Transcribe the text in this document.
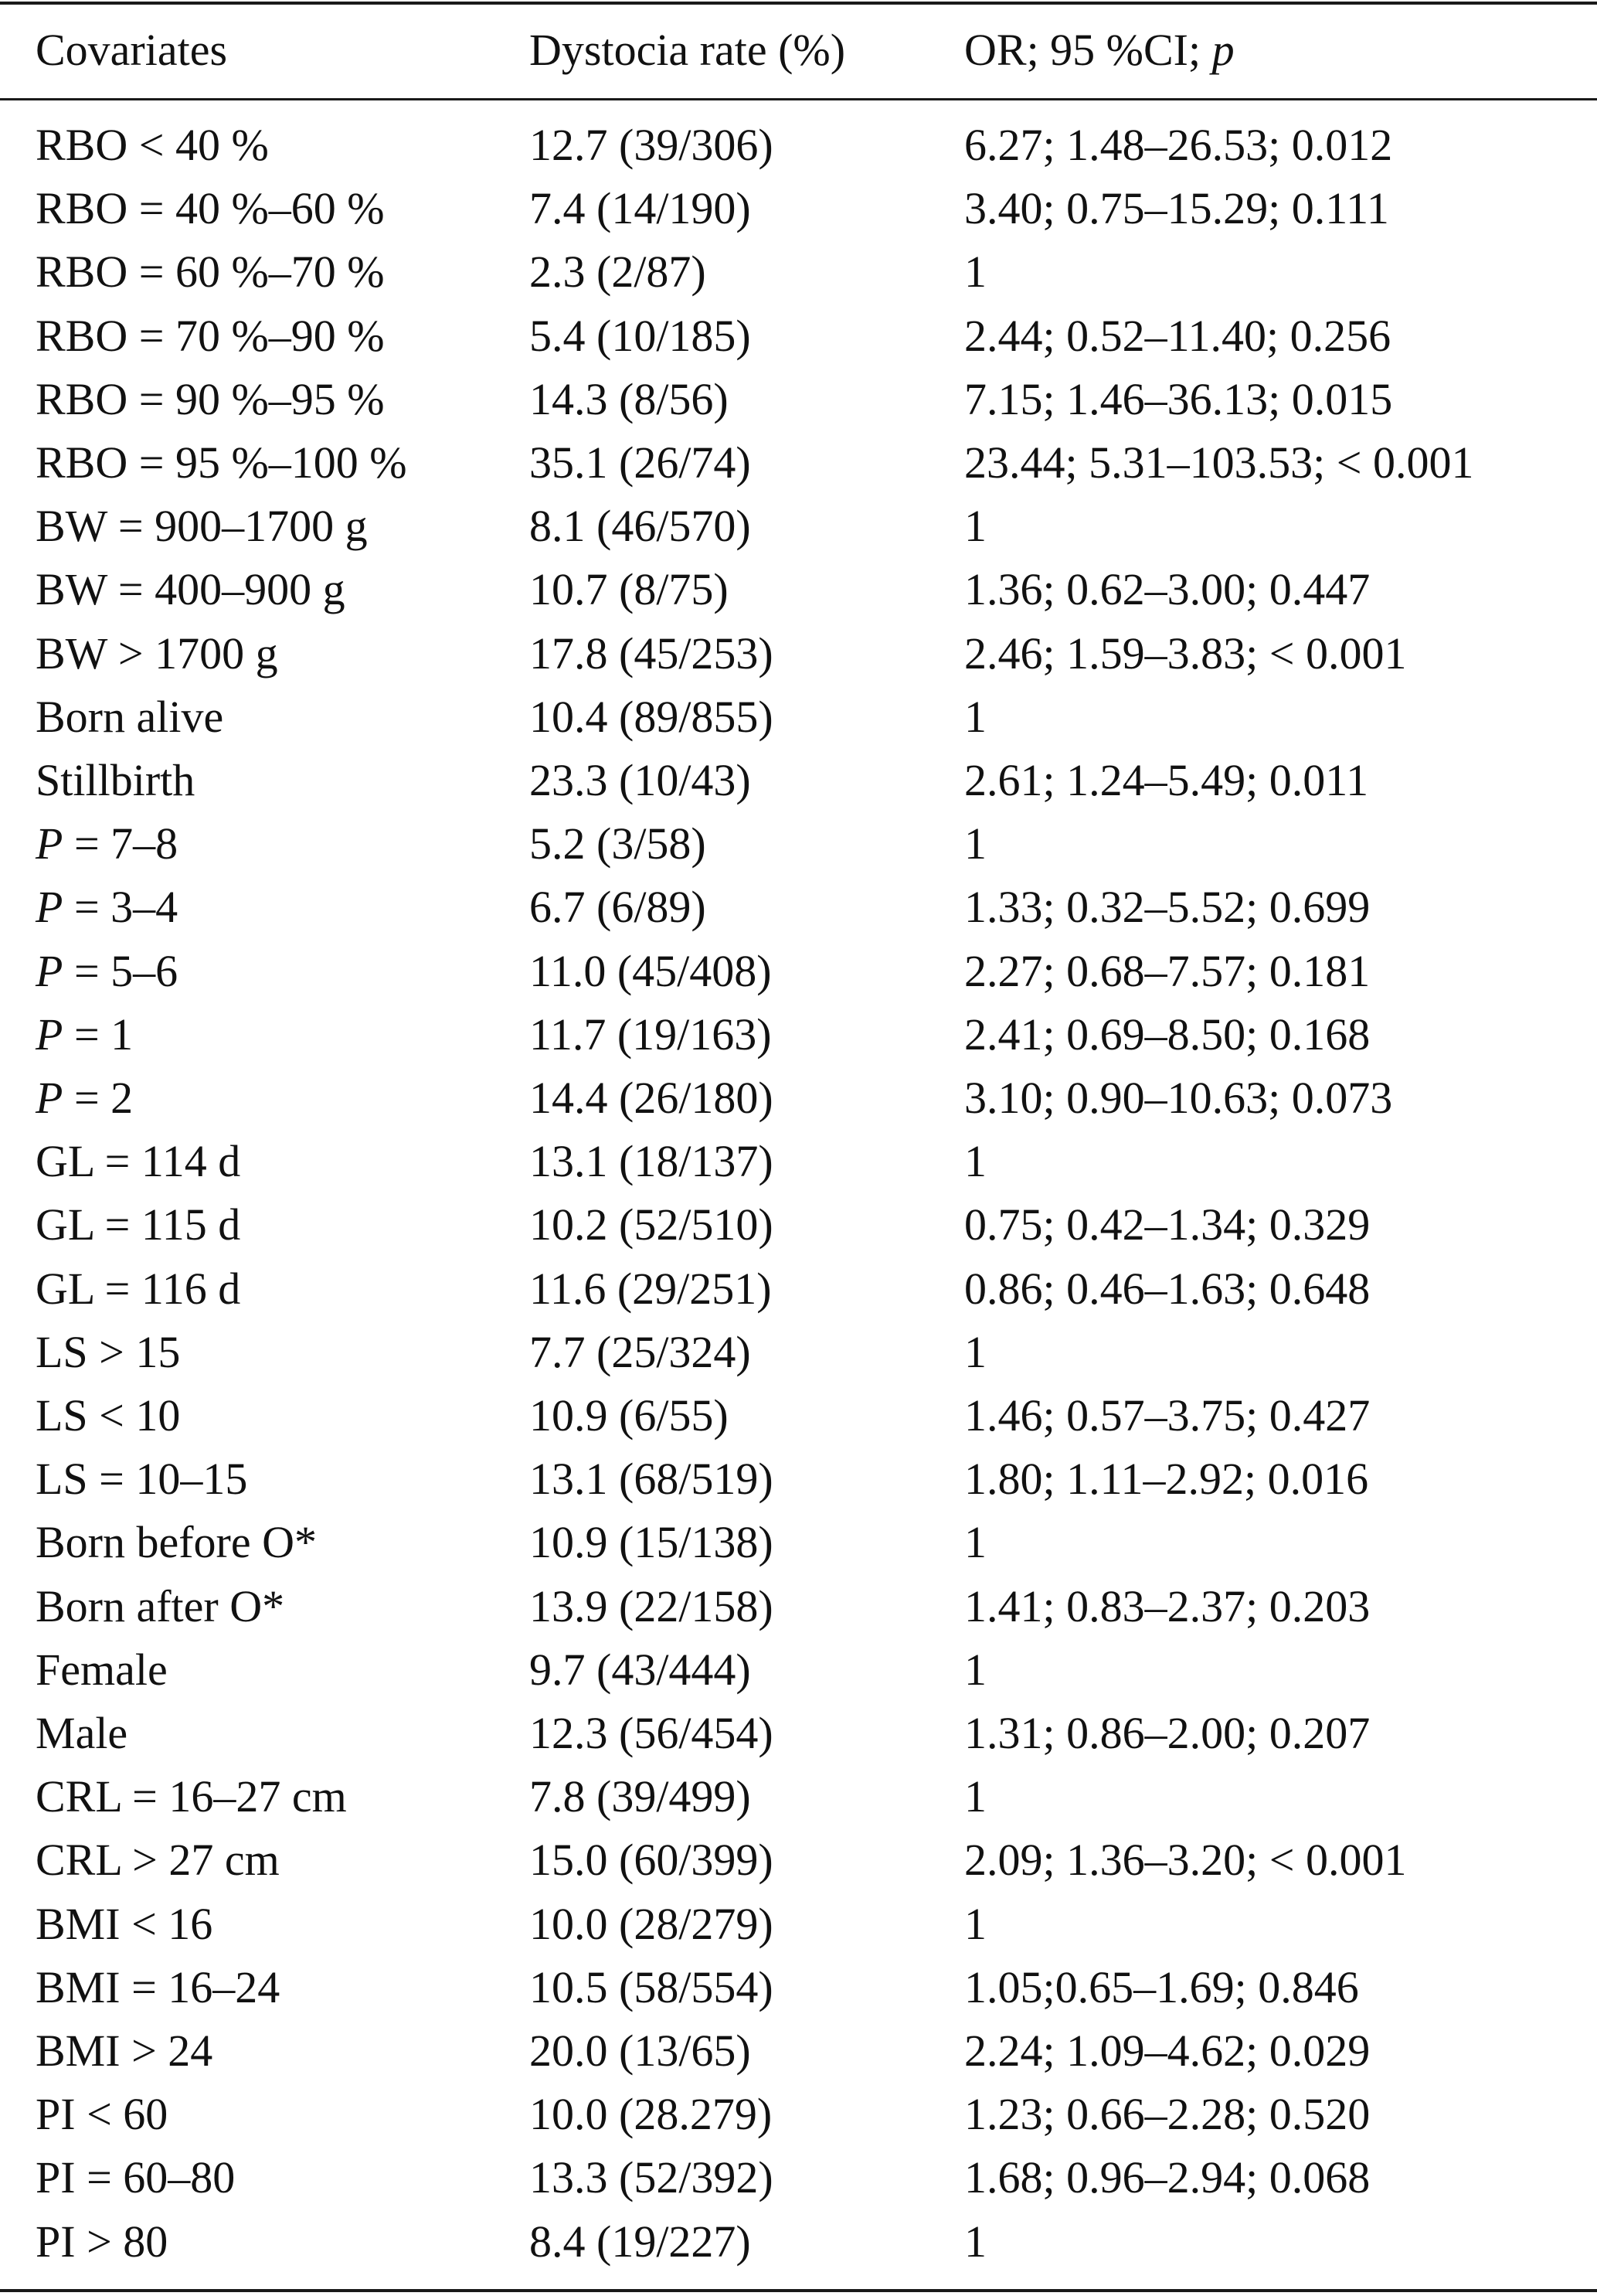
Covariates	Dystocia rate (%)	OR; 95 %CI; p
RBO < 40 %	12.7 (39/306)	6.27; 1.48–26.53; 0.012
RBO = 40 %–60 %	7.4 (14/190)	3.40; 0.75–15.29; 0.111
RBO = 60 %–70 %	2.3 (2/87)	1
RBO = 70 %–90 %	5.4 (10/185)	2.44; 0.52–11.40; 0.256
RBO = 90 %–95 %	14.3 (8/56)	7.15; 1.46–36.13; 0.015
RBO = 95 %–100 %	35.1 (26/74)	23.44; 5.31–103.53; < 0.001
BW = 900–1700 g	8.1 (46/570)	1
BW = 400–900 g	10.7 (8/75)	1.36; 0.62–3.00; 0.447
BW > 1700 g	17.8 (45/253)	2.46; 1.59–3.83; < 0.001
Born alive	10.4 (89/855)	1
Stillbirth	23.3 (10/43)	2.61; 1.24–5.49; 0.011
P = 7–8	5.2 (3/58)	1
P = 3–4	6.7 (6/89)	1.33; 0.32–5.52; 0.699
P = 5–6	11.0 (45/408)	2.27; 0.68–7.57; 0.181
P = 1	11.7 (19/163)	2.41; 0.69–8.50; 0.168
P = 2	14.4 (26/180)	3.10; 0.90–10.63; 0.073
GL = 114 d	13.1 (18/137)	1
GL = 115 d	10.2 (52/510)	0.75; 0.42–1.34; 0.329
GL = 116 d	11.6 (29/251)	0.86; 0.46–1.63; 0.648
LS > 15	7.7 (25/324)	1
LS < 10	10.9 (6/55)	1.46; 0.57–3.75; 0.427
LS = 10–15	13.1 (68/519)	1.80; 1.11–2.92; 0.016
Born before O*	10.9 (15/138)	1
Born after O*	13.9 (22/158)	1.41; 0.83–2.37; 0.203
Female	9.7 (43/444)	1
Male	12.3 (56/454)	1.31; 0.86–2.00; 0.207
CRL = 16–27 cm	7.8 (39/499)	1
CRL > 27 cm	15.0 (60/399)	2.09; 1.36–3.20; < 0.001
BMI < 16	10.0 (28/279)	1
BMI = 16–24	10.5 (58/554)	1.05;0.65–1.69; 0.846
BMI > 24	20.0 (13/65)	2.24; 1.09–4.62; 0.029
PI < 60	10.0 (28.279)	1.23; 0.66–2.28; 0.520
PI = 60–80	13.3 (52/392)	1.68; 0.96–2.94; 0.068
PI > 80	8.4 (19/227)	1
